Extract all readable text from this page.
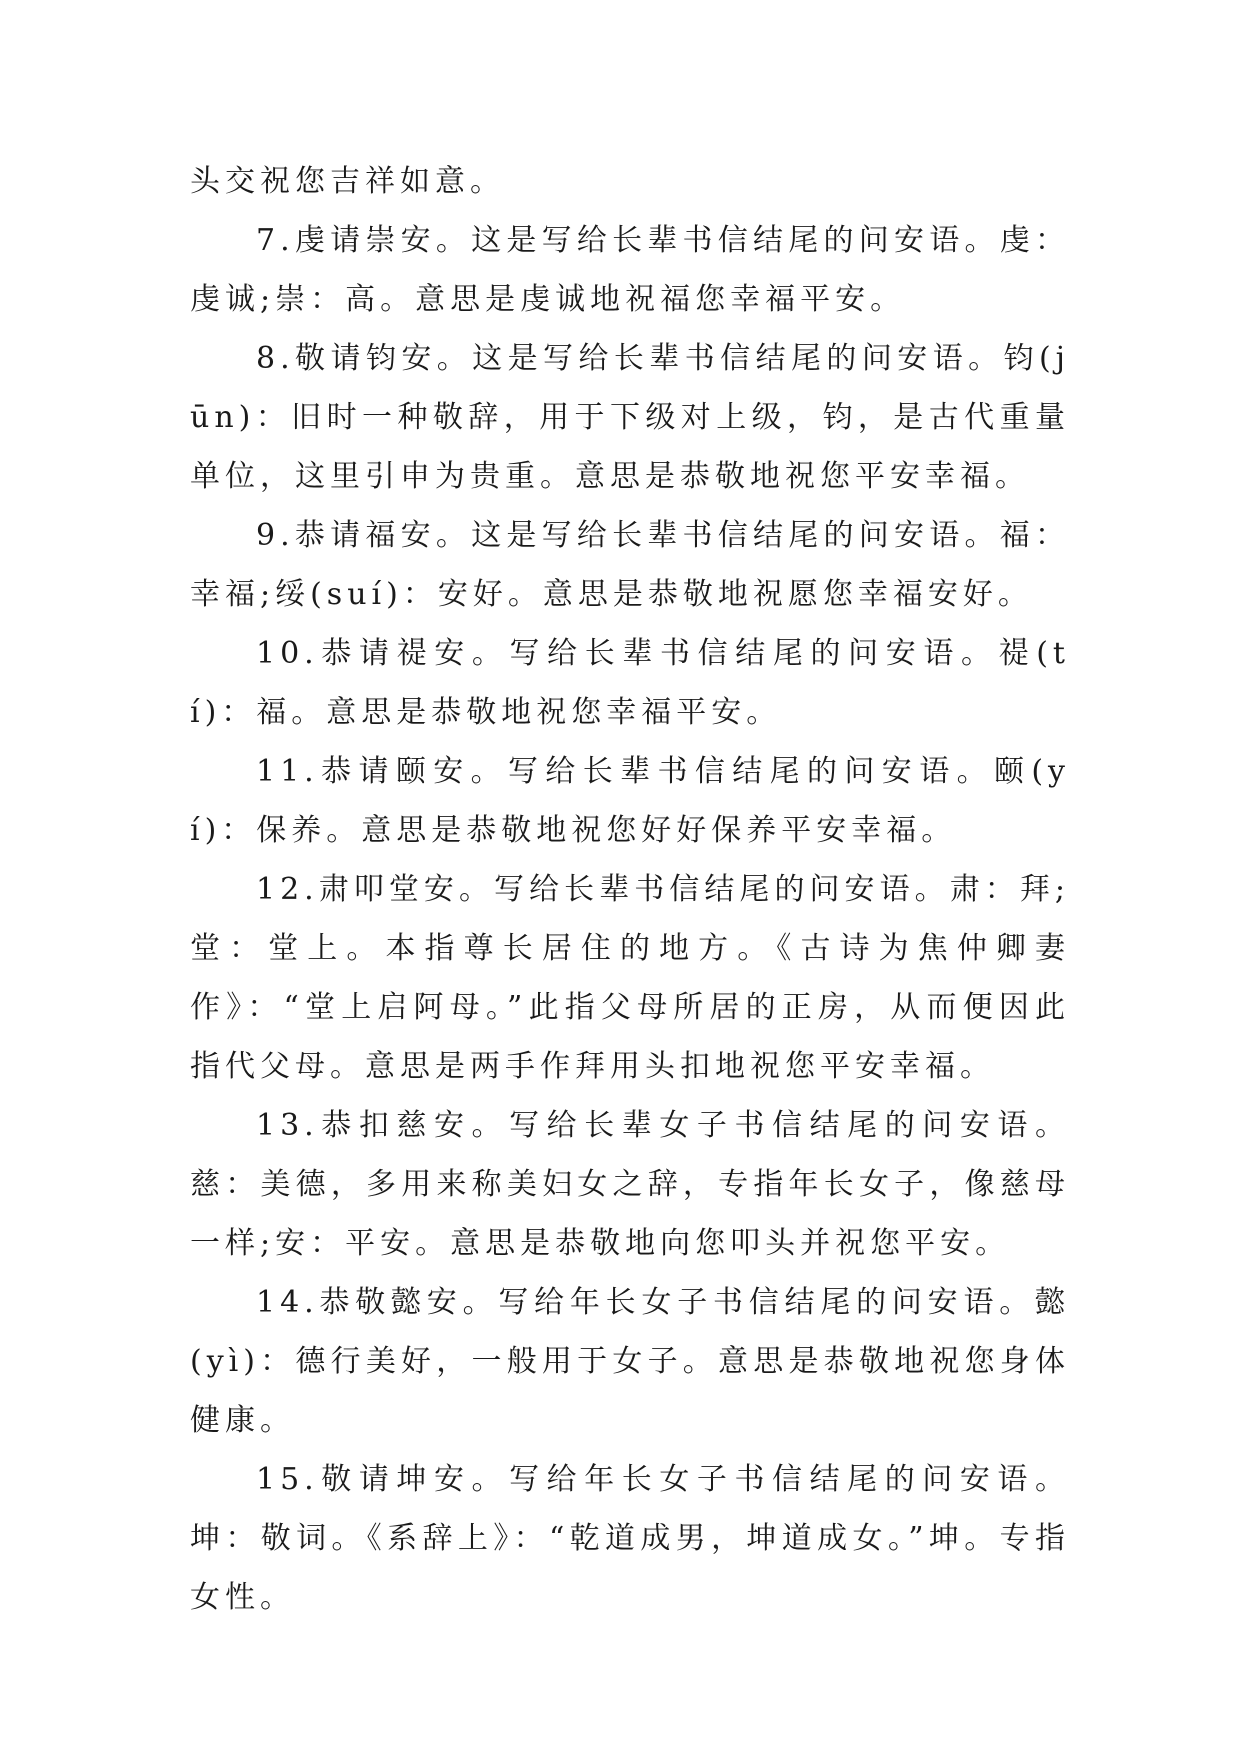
头交祝您吉祥如意。

7.虔请崇安。这是写给长辈书信结尾的问安语。虔：虔诚;崇：高。意思是虔诚地祝福您幸福平安。

8.敬请钧安。这是写给长辈书信结尾的问安语。钧(jūn)：旧时一种敬辞，用于下级对上级，钧，是古代重量单位，这里引申为贵重。意思是恭敬地祝您平安幸福。

9.恭请福安。这是写给长辈书信结尾的问安语。福：幸福;绥(suí)：安好。意思是恭敬地祝愿您幸福安好。

10.恭请禔安。写给长辈书信结尾的问安语。禔(tí)：福。意思是恭敬地祝您幸福平安。

11.恭请颐安。写给长辈书信结尾的问安语。颐(yí)：保养。意思是恭敬地祝您好好保养平安幸福。

12.肃叩堂安。写给长辈书信结尾的问安语。肃：拜;堂：堂上。本指尊长居住的地方。《古诗为焦仲卿妻作》：“堂上启阿母。”此指父母所居的正房，从而便因此指代父母。意思是两手作拜用头扣地祝您平安幸福。

13.恭扣慈安。写给长辈女子书信结尾的问安语。慈：美德，多用来称美妇女之辞，专指年长女子，像慈母一样;安：平安。意思是恭敬地向您叩头并祝您平安。

14.恭敬懿安。写给年长女子书信结尾的问安语。懿(yì)：德行美好，一般用于女子。意思是恭敬地祝您身体健康。

15.敬请坤安。写给年长女子书信结尾的问安语。坤：敬词。《系辞上》：“乾道成男，坤道成女。”坤。专指女性。
